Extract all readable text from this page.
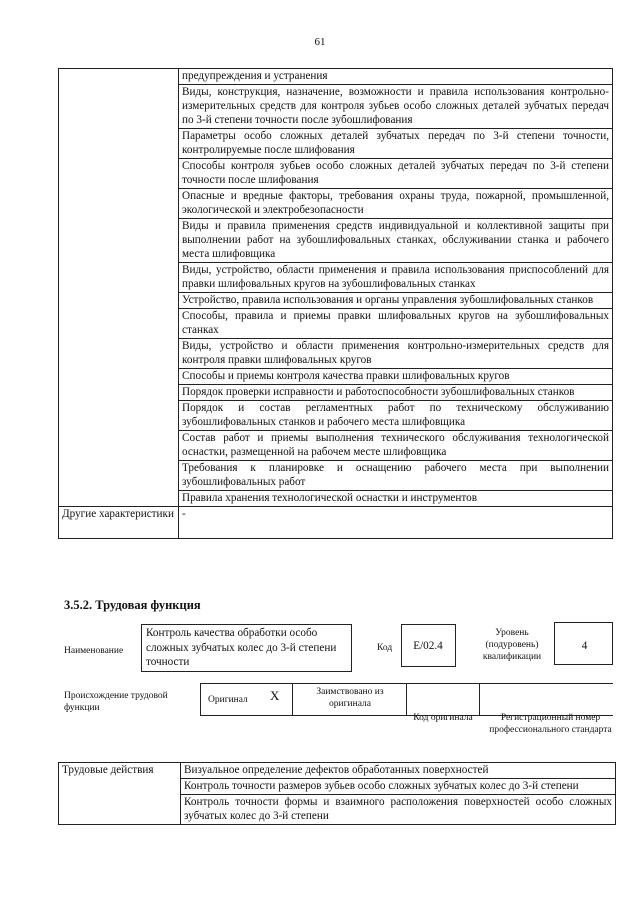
61
	предупреждения и устранения
	Виды, конструкция, назначение, возможности и правила использования контрольно-измерительных средств для контроля зубьев особо сложных деталей зубчатых передач по 3-й степени точности после зубошлифования
	Параметры особо сложных деталей зубчатых передач по 3-й степени точности, контролируемые после шлифования
	Способы контроля зубьев особо сложных деталей зубчатых передач по 3-й степени точности после шлифования
	Опасные и вредные факторы, требования охраны труда, пожарной, промышленной, экологической и электробезопасности
	Виды и правила применения средств индивидуальной и коллективной защиты при выполнении работ на зубошлифовальных станках, обслуживании станка и рабочего места шлифовщика
	Виды, устройство, области применения и правила использования приспособлений для правки шлифовальных кругов на зубошлифовальных станках
	Устройство, правила использования и органы управления зубошлифовальных станков
	Способы, правила и приемы правки шлифовальных кругов на зубошлифовальных станках
	Виды, устройство и области применения контрольно-измерительных средств для контроля правки шлифовальных кругов
	Способы и приемы контроля качества правки шлифовальных кругов
	Порядок проверки исправности и работоспособности зубошлифовальных станков
	Порядок и состав регламентных работ по техническому обслуживанию зубошлифовальных станков и рабочего места шлифовщика
	Состав работ и приемы выполнения технического обслуживания технологической оснастки, размещенной на рабочем месте шлифовщика
	Требования к планировке и оснащению рабочего места при выполнении зубошлифовальных работ
	Правила хранения технологической оснастки и инструментов
Другие характеристики	-
3.5.2. Трудовая функция
Наименование
Контроль качества обработки особо сложных зубчатых колес до 3-й степени точности
Код	E/02.4
Уровень (подуровень) квалификации
4
Происхождение трудовой функции
Оригинал X	Заимствовано из оригинала
Код оригинала	Регистрационный номер профессионального стандарта
Трудовые действия	Визуальное определение дефектов обработанных поверхностей
Контроль точности размеров зубьев особо сложных зубчатых колес до 3-й степени
Контроль точности формы и взаимного расположения поверхностей особо сложных зубчатых колес до 3-й степени
